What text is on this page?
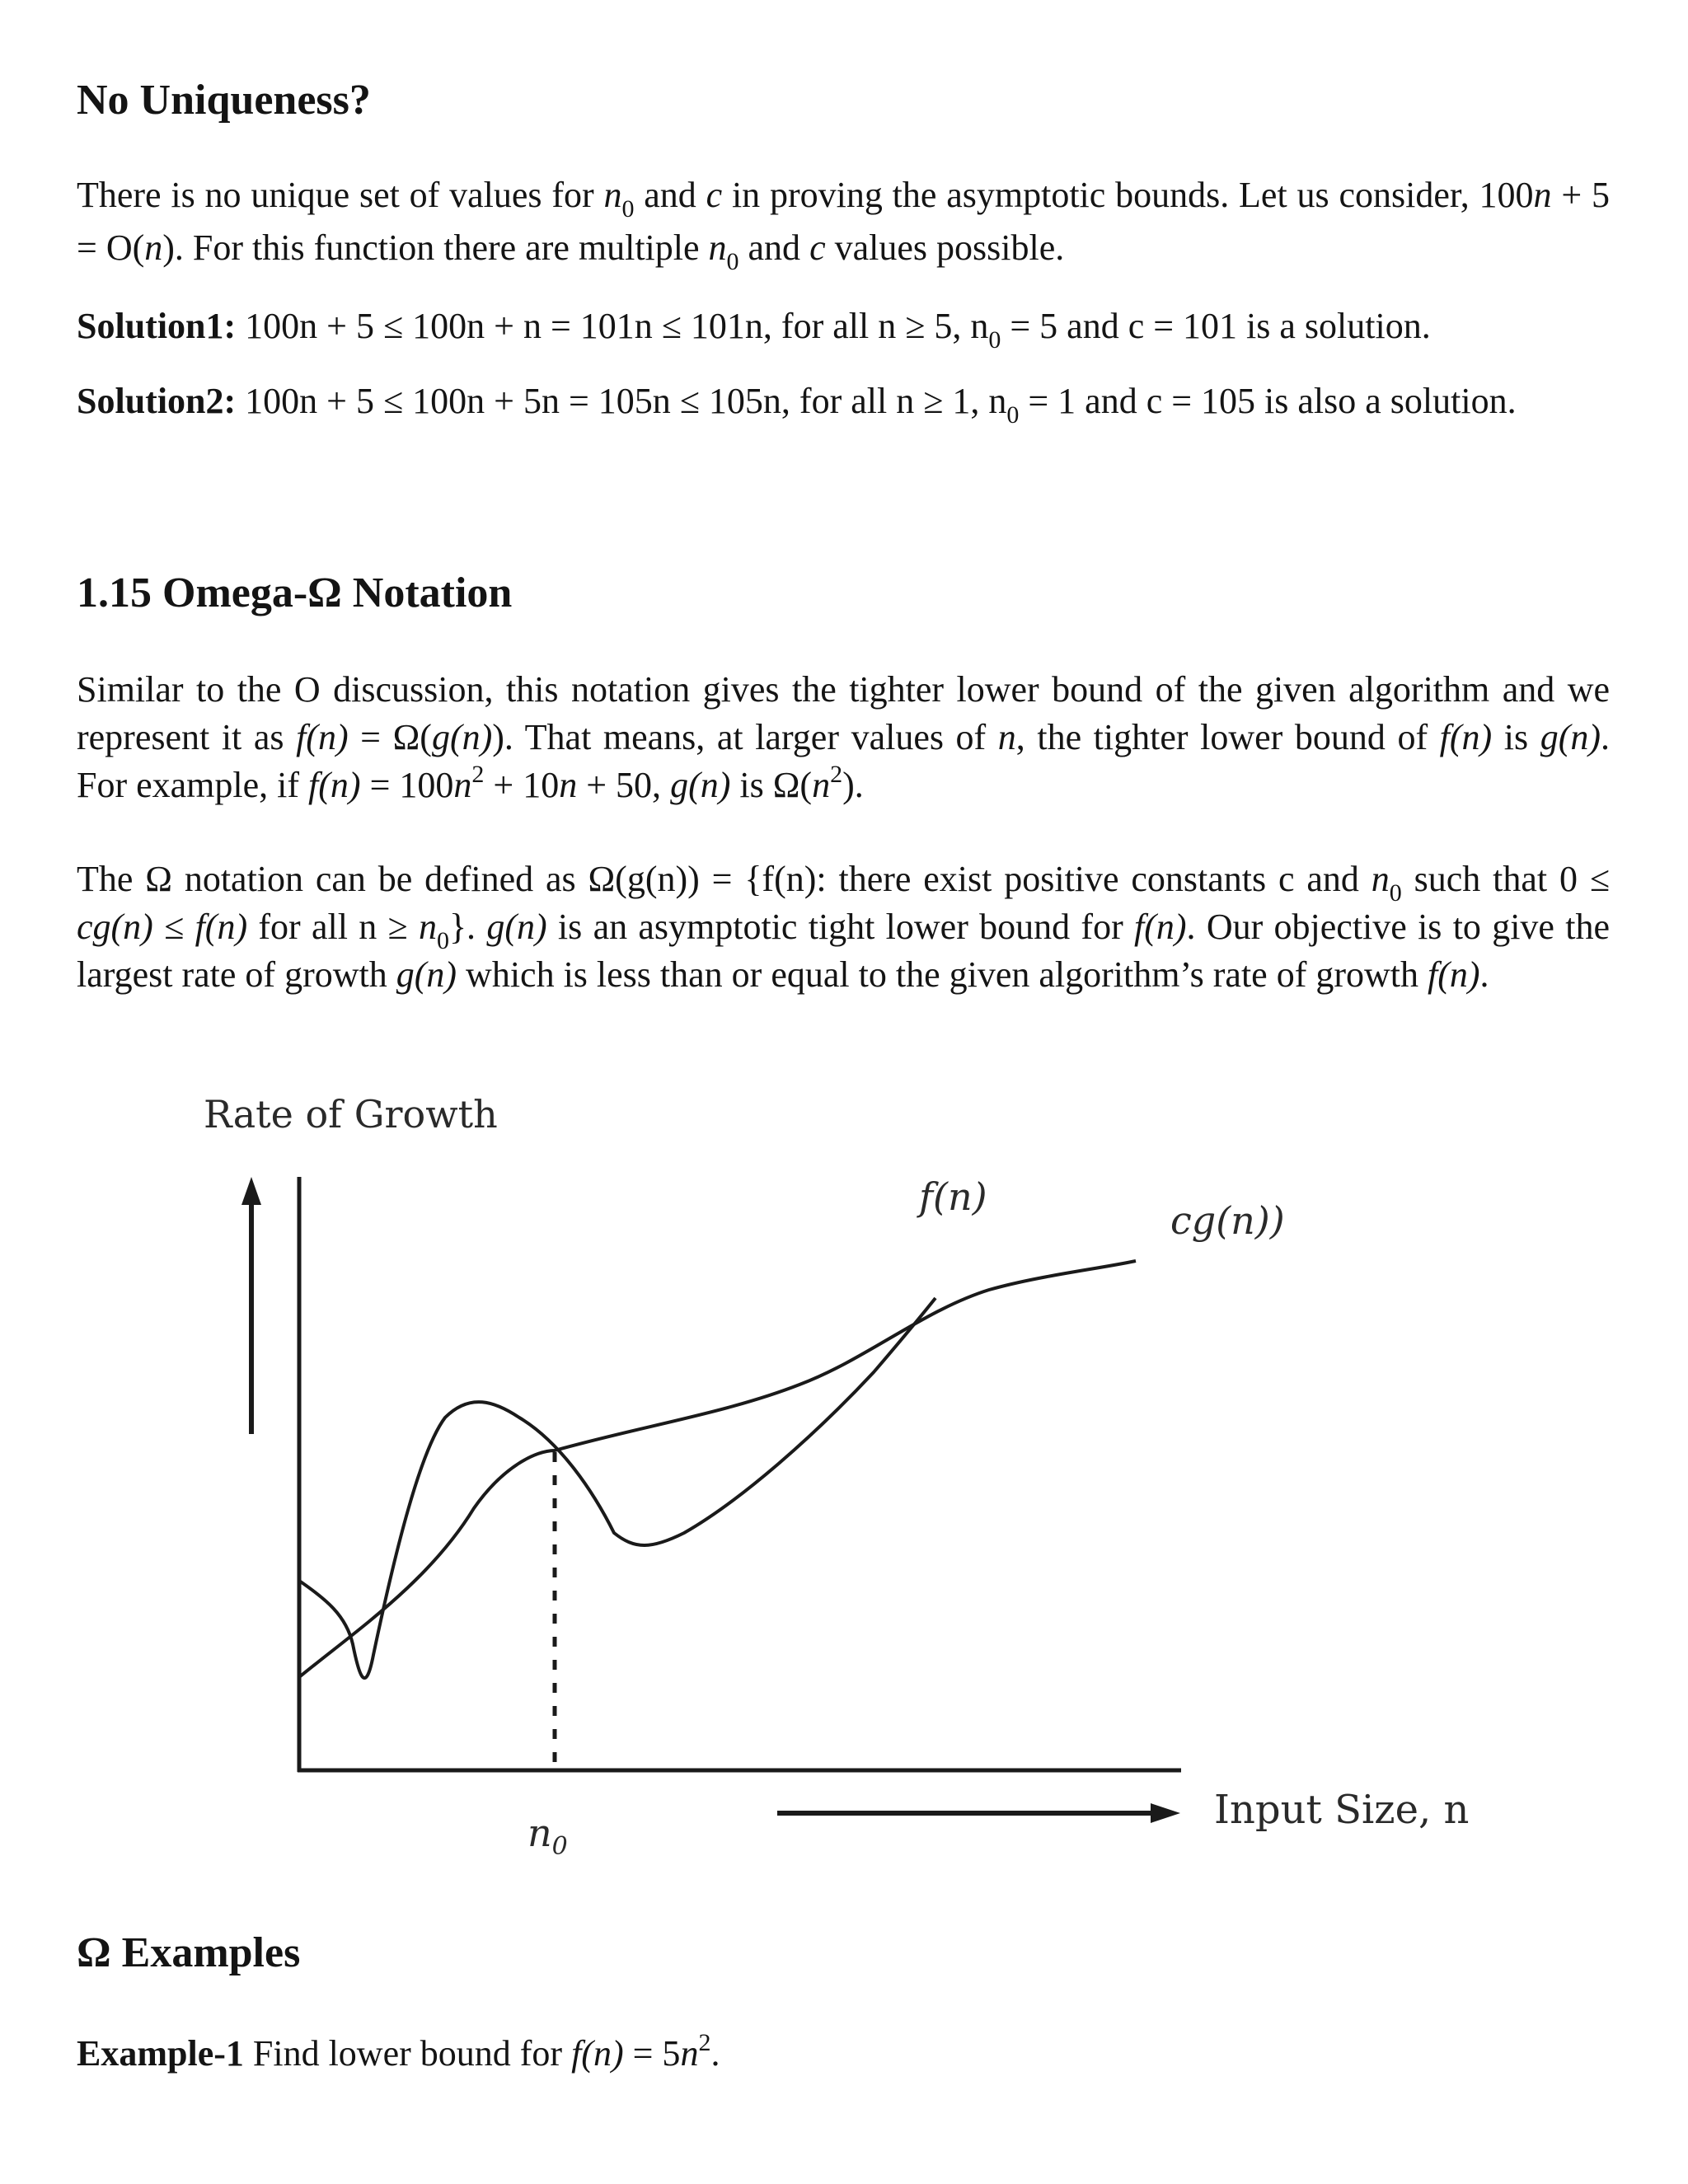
No Uniqueness?

There is no unique set of values for $n_0$ and c in proving the asymptotic bounds. Let us consider, 100n + 5 = O(n). For this function there are multiple $n_0$ and c values possible.

Solution1: 100n + 5 ≤ 100n + n = 101n ≤ 101n, for all n ≥ 5, $n_0 = 5$ and c = 101 is a solution.

Solution2: 100n + 5 ≤ 100n + 5n = 105n ≤ 105n, for all n ≥ 1, $n_0 = 1$ and c = 105 is also a solution.

1.15 Omega-Ω Notation

Similar to the O discussion, this notation gives the tighter lower bound of the given algorithm and we represent it as f(n) = Ω(g(n)). That means, at larger values of n, the tighter lower bound of f(n) is g(n). For example, if $f(n) = 100n^2 + 10n + 50$, g(n) is $\Omega(n^2)$.

The Ω notation can be defined as Ω(g(n)) = {f(n): there exist positive constants c and $n_0$ such that 0 ≤ cg(n) ≤ f(n) for all $n \ge n_0$}. g(n) is an asymptotic tight lower bound for f(n). Our objective is to give the largest rate of growth g(n) which is less than or equal to the given algorithm’s rate of growth f(n).

Ω Examples

Example-1 Find lower bound for $f(n) = 5n^2$.

Rate of Growth
f(n)
cg(n))
$n_0$
Input Size, n
